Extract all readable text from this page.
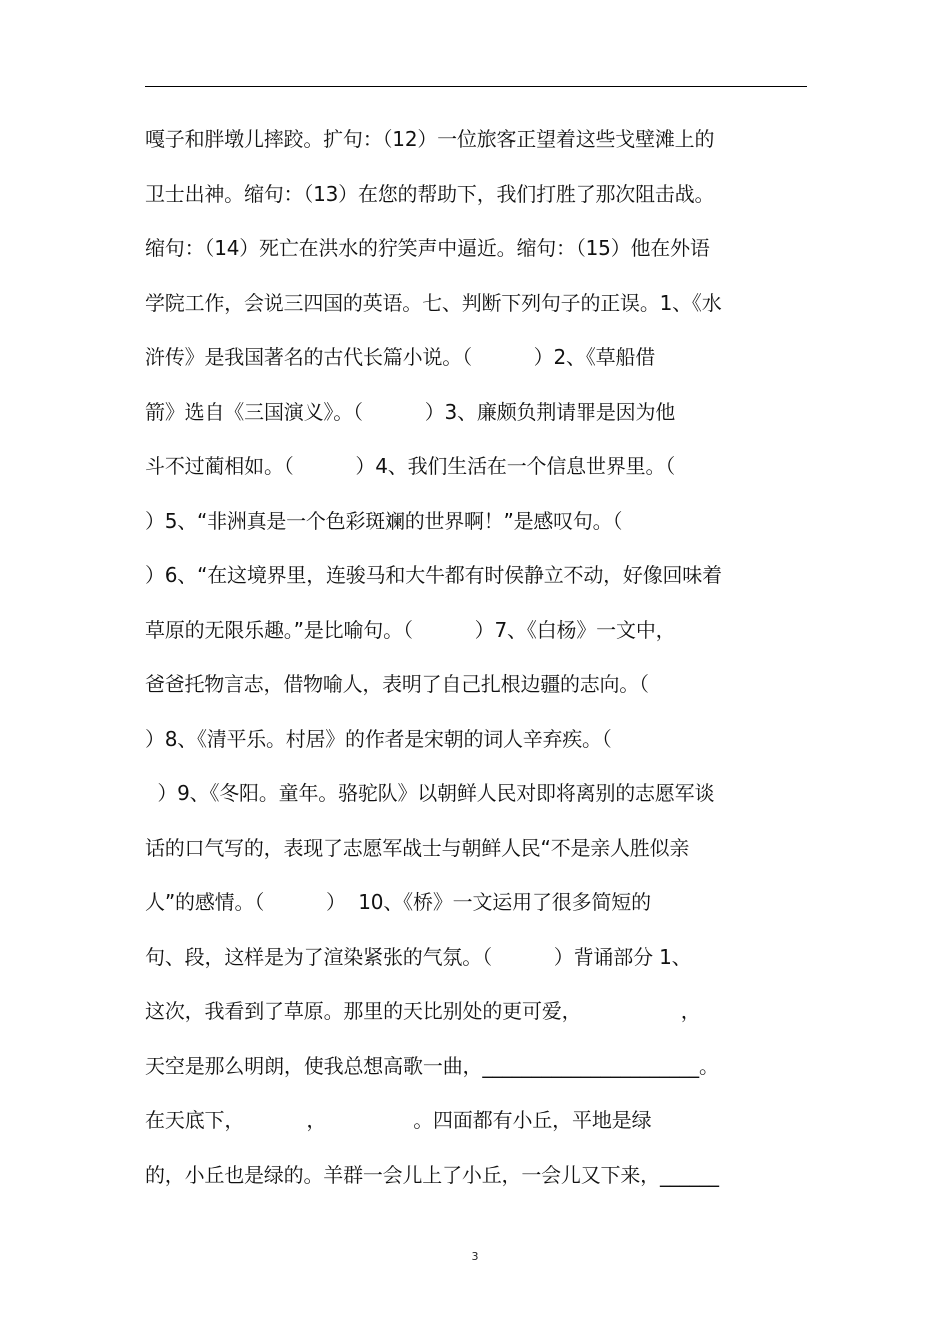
嘎子和胖墩儿摔跤。扩句：（12）一位旅客正望着这些戈壁滩上的
卫士出神。缩句：（13）在您的帮助下，我们打胜了那次阻击战。
缩句：（14）死亡在洪水的狞笑声中逼近。缩句：（15）他在外语
学院工作，会说三四国的英语。七、判断下列句子的正误。1、《水
浒传》是我国著名的古代长篇小说。（          ）2、《草船借
箭》选自《三国演义》。（          ）3、廉颇负荆请罪是因为他
斗不过蔺相如。（          ）4、我们生活在一个信息世界里。（
）5、“非洲真是一个色彩斑斓的世界啊！”是感叹句。（
）6、“在这境界里，连骏马和大牛都有时侯静立不动，好像回味着
草原的无限乐趣。”是比喻句。（          ）7、《白杨》一文中，
爸爸托物言志，借物喻人，表明了自己扎根边疆的志向。（
）8、《清平乐。村居》的作者是宋朝的词人辛弃疾。（
）9、《冬阳。童年。骆驼队》以朝鲜人民对即将离别的志愿军谈
话的口气写的，表现了志愿军战士与朝鲜人民“不是亲人胜似亲
人”的感情。（          ）  10、《桥》一文运用了很多简短的
句、段，这样是为了渲染紧张的气氛。（          ）背诵部分 1、
这次，我看到了草原。那里的天比别处的更可爱，                ，
天空是那么明朗，使我总想高歌一曲，______________________。
在天底下，          ，              。四面都有小丘，平地是绿
的，小丘也是绿的。羊群一会儿上了小丘，一会儿又下来，______
3
